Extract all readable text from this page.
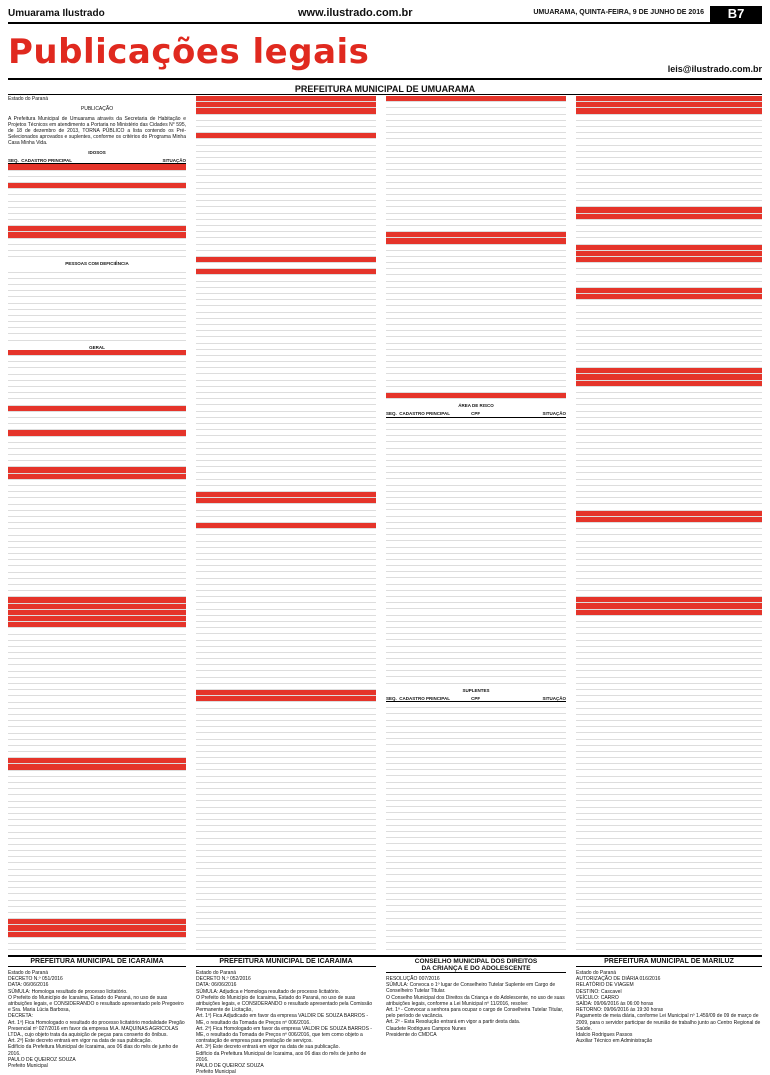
Umuarama Ilustrado	www.ilustrado.com.br	UMUARAMA, QUINTA-FEIRA, 9 DE JUNHO DE 2016	B7
Publicações legais	leis@ilustrado.com.br
PREFEITURA MUNICIPAL DE UMUARAMA
Estado do Paraná
PUBLICAÇÃO
A Prefeitura Municipal de Umuarama através da Secretaria de Habitação e Projetos Técnicos em atendimento a Portaria no Ministério das Cidades N° 595, de 18 de dezembro de 2013, TORNA PÚBLICO a lista contendo os Pré-Selecionados aprovados e suplentes, conforme os critérios do Programa Minha Casa Minha Vida.
IDOSOS
SEQ. CADASTRO PRINCIPAL	SITUAÇÃO
PESSOAS COM DEFICIÊNCIA
GERAL
ÁREA DE RISCO
SEQ. CADASTRO PRINCIPAL	CPF	SITUAÇÃO
SUPLENTES
SEQ. CADASTRO PRINCIPAL	CPF	SITUAÇÃO
PREFEITURA MUNICIPAL DE ICARAIMA

Estado do Paraná

DECRETO N.º 051/2016

DATA: 06/06/2016

SÚMULA: Homologa resultado de processo licitatório.

O Prefeito do Município de Icaraima, Estado do Paraná, no uso de suas atribuições legais, e CONSIDERANDO o resultado apresentado pelo Pregoeiro e Sra. Maria Lúcia Barbosa,

DECRETA:

Art. 1º) Fica Homologado o resultado do processo licitatório modalidade Pregão Presencial nº 027/2016 em favor da empresa M.A. MAQUINAS AGRICOLAS LTDA., cujo objeto trata da aquisição de peças para conserto do ônibus.

Art. 2º) Este decreto entrará em vigor na data de sua publicação.

Edifício da Prefeitura Municipal de Icaraima, aos 06 dias do mês de junho de 2016.

PAULO DE QUEIROZ SOUZA

Prefeito Municipal

PREFEITURA MUNICIPAL DE ICARAIMA

Estado do Paraná

DECRETO N.º 052/2016

DATA: 06/06/2016

SÚMULA: Adjudica e Homologa resultado de processo licitatório.

O Prefeito do Município de Icaraima, Estado do Paraná, no uso de suas atribuições legais, e CONSIDERANDO o resultado apresentado pela Comissão Permanente de Licitação,

Art. 1º) Fica Adjudicado em favor da empresa VALDIR DE SOUZA BARROS - ME, o resultado da Tomada de Preços nº 006/2016.

Art. 2º) Fica Homologado em favor da empresa VALDIR DE SOUZA BARROS - ME, o resultado da Tomada de Preços nº 006/2016, que tem como objeto a contratação de empresa para prestação de serviços.

Art. 3º) Este decreto entrará em vigor na data de sua publicação.

Edifício da Prefeitura Municipal de Icaraima, aos 06 dias do mês de junho de 2016.

PAULO DE QUEIROZ SOUZA

Prefeito Municipal

CONSELHO MUNICIPAL DOS DIREITOS
DA CRIANÇA E DO ADOLESCENTE

RESOLUÇÃO 007/2016

SÚMULA: Convoca o 1º lugar de Conselheiro Tutelar Suplente em Cargo de Conselheiro Tutelar Titular.

O Conselho Municipal dos Direitos da Criança e do Adolescente, no uso de suas atribuições legais, conforme a Lei Municipal nº 11/2016, resolve:

Art. 1º - Convocar a senhora para ocupar o cargo de Conselheira Tutelar Titular, pelo período de vacância.

Art. 2º - Esta Resolução entrará em vigor a partir desta data.

Claudete Rodrigues Campos Nunes

Presidente do CMDCA

PREFEITURA MUNICIPAL DE MARILUZ

Estado do Paraná

AUTORIZAÇÃO DE DIÁRIA 016/2016

RELATÓRIO DE VIAGEM

DESTINO: Cascavel

VEÍCULO: CARRO

SAÍDA: 09/06/2016 às 06:00 horas

RETORNO: 09/06/2016 às 19:30 horas

Pagamento de meia diária, conforme Lei Municipal nº 1.459/09 de 09 de março de 2009, para o servidor participar de reunião de trabalho junto ao Centro Regional de Saúde.

Idalcio Rodrigues Passos

Auxiliar Técnico em Administração
